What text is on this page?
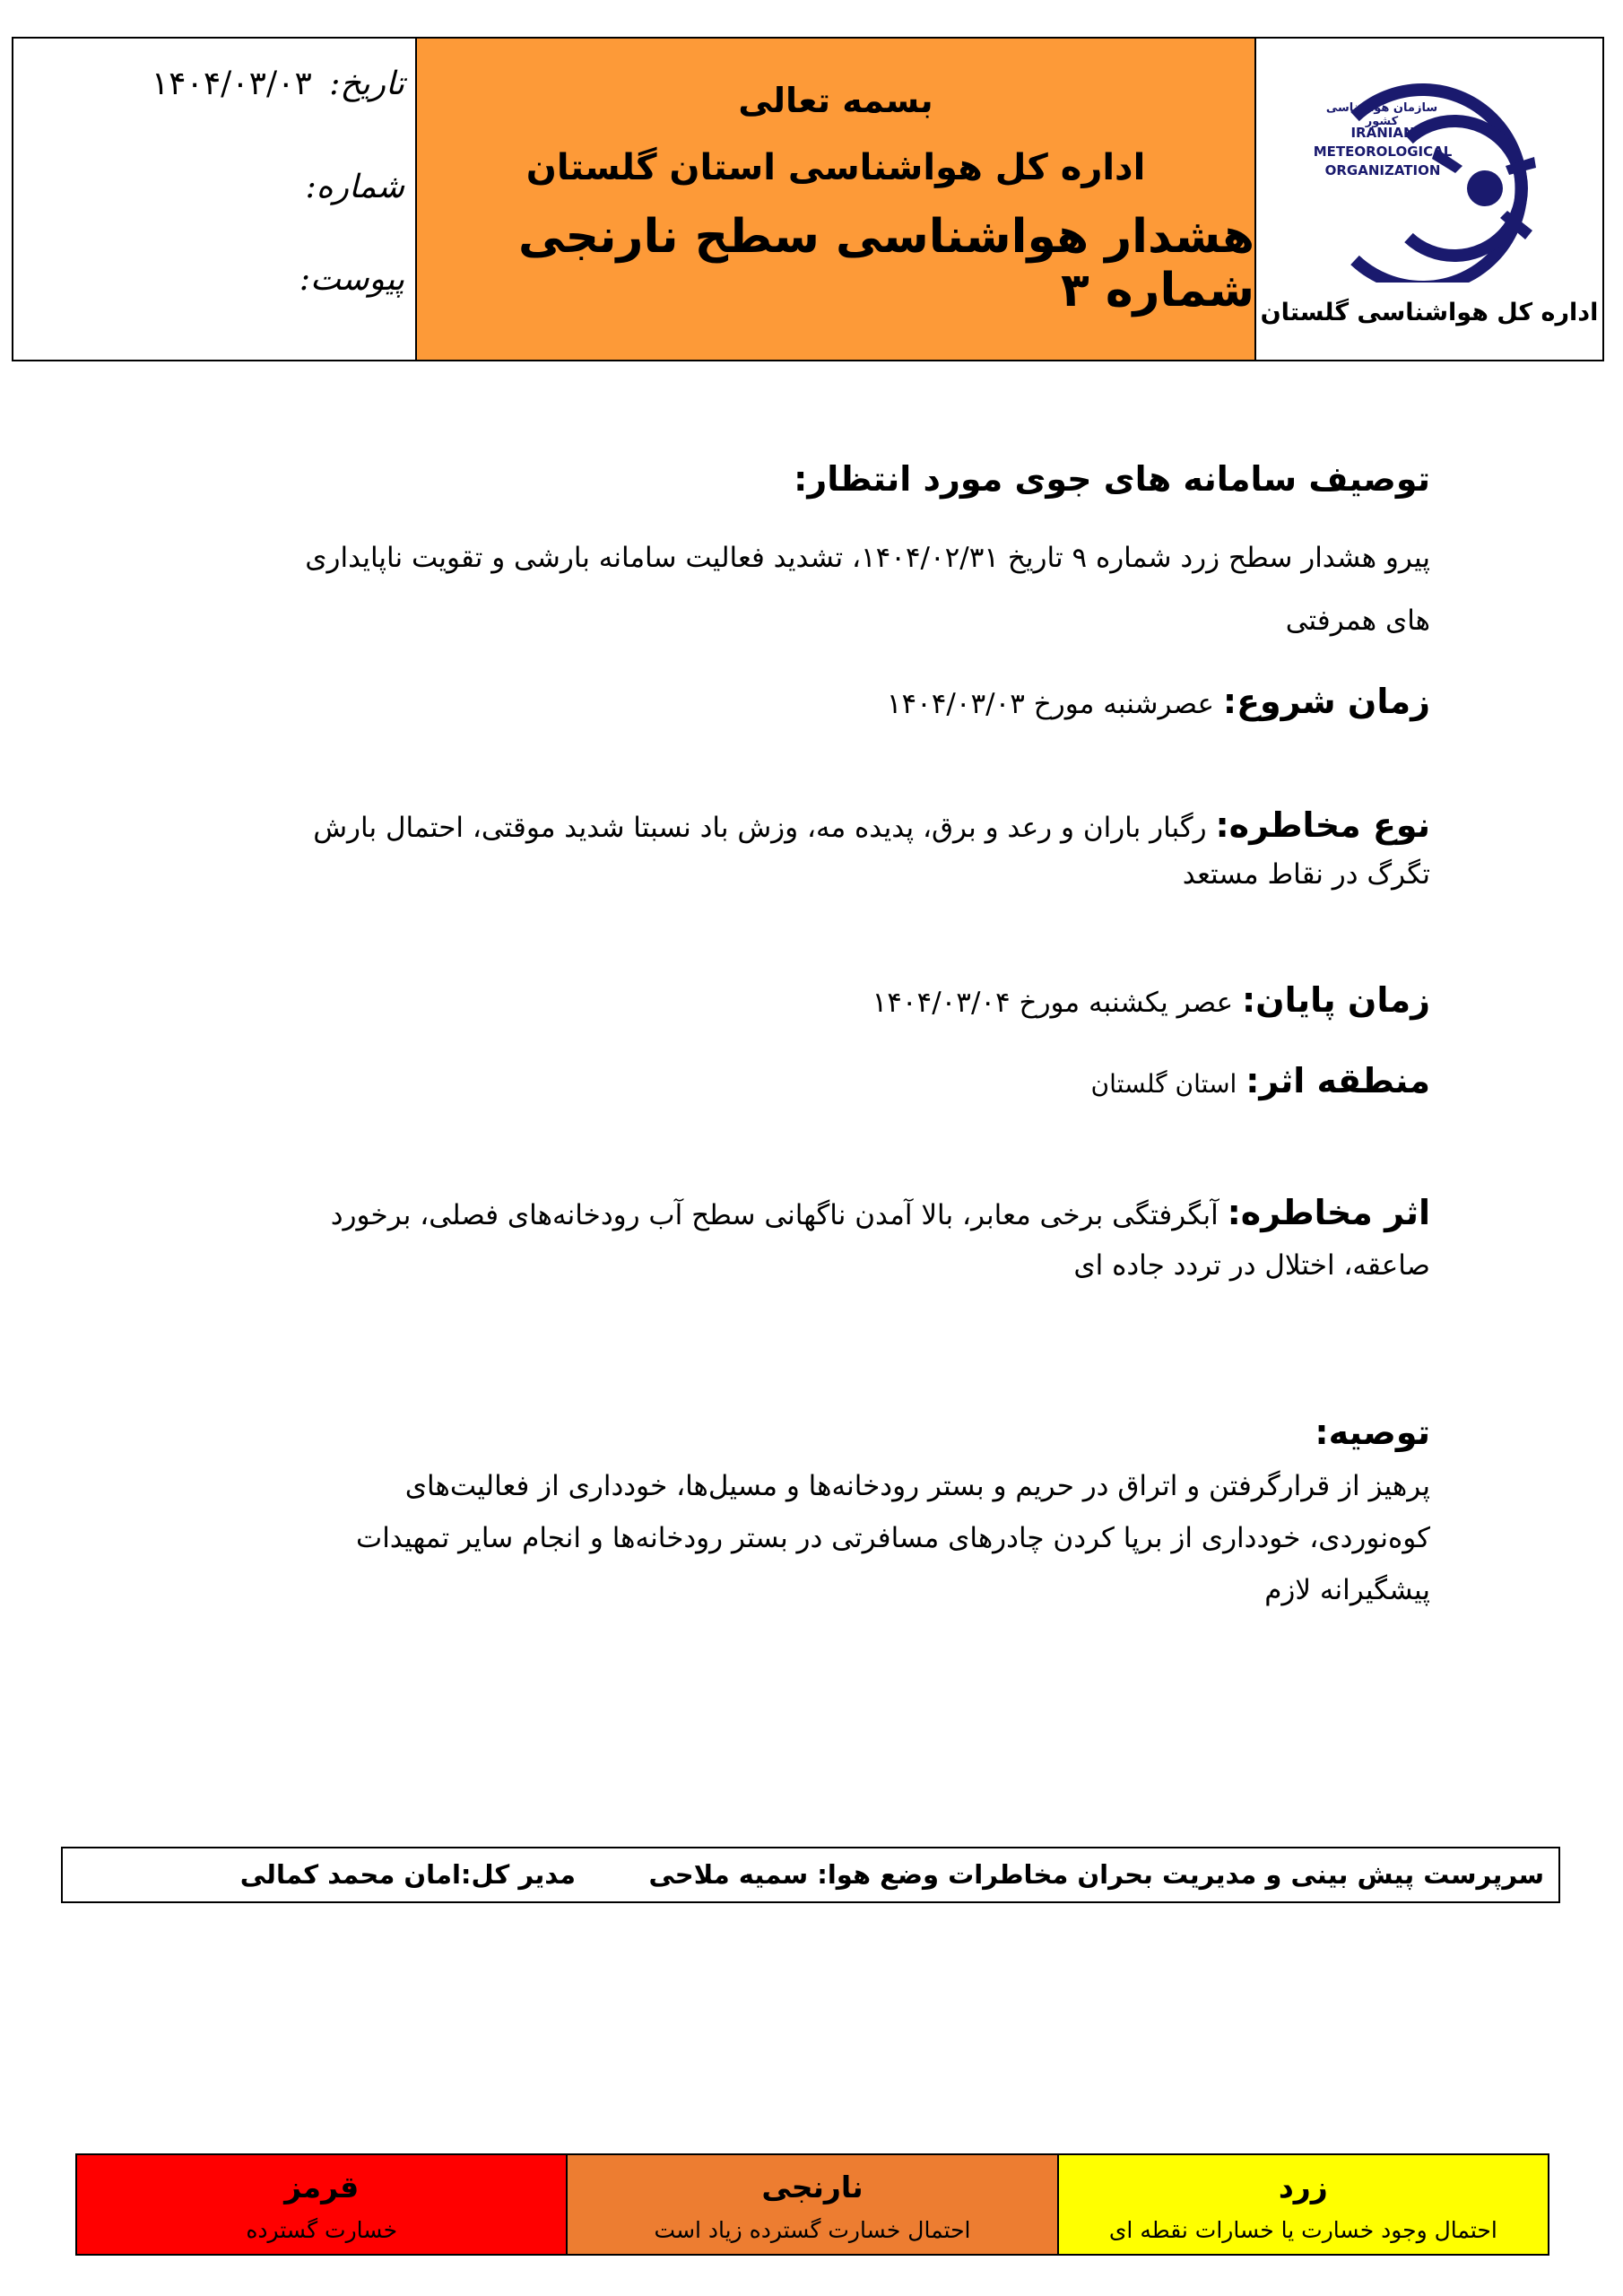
سازمان هواشناسی کشور
IRANIAN
METEOROLOGICAL
ORGANIZATION
اداره کل هواشناسی گلستان
بسمه تعالی
اداره کل هواشناسی استان گلستان
هشدار هواشناسی سطح نارنجی شماره ۳
تاریخ: ۱۴۰۴/۰۳/۰۳
شماره:
پیوست:
توصیف سامانه های جوی مورد انتظار:
پیرو هشدار سطح زرد شماره ۹ تاریخ ۱۴۰۴/۰۲/۳۱، تشدید فعالیت سامانه بارشی و تقویت ناپایداری
های همرفتی
زمان شروع: عصرشنبه مورخ ۱۴۰۴/۰۳/۰۳
نوع مخاطره: رگبار باران و رعد و برق، پدیده مه، وزش باد نسبتا شدید موقتی، احتمال بارش
تگرگ در نقاط مستعد
زمان پایان: عصر یکشنبه مورخ ۱۴۰۴/۰۳/۰۴
منطقه اثر: استان گلستان
اثر مخاطره: آبگرفتگی برخی معابر، بالا آمدن ناگهانی سطح آب رودخانه‌های فصلی، برخورد
صاعقه، اختلال در تردد جاده ای
توصیه:
پرهیز از قرارگرفتن و اتراق در حریم و بستر رودخانه‌ها و مسیل‌ها، خودداری از فعالیت‌های
کوه‌نوردی، خودداری از برپا کردن چادرهای مسافرتی در بستر رودخانه‌ها و انجام سایر تمهیدات
پیشگیرانه لازم
سرپرست پیش بینی و مدیریت بحران مخاطرات وضع هوا: سمیه ملاحی
مدیر کل:امان محمد کمالی
زرد
احتمال وجود خسارت یا خسارات نقطه ای
نارنجی
احتمال خسارت گسترده زیاد است
قرمز
خسارت گسترده
